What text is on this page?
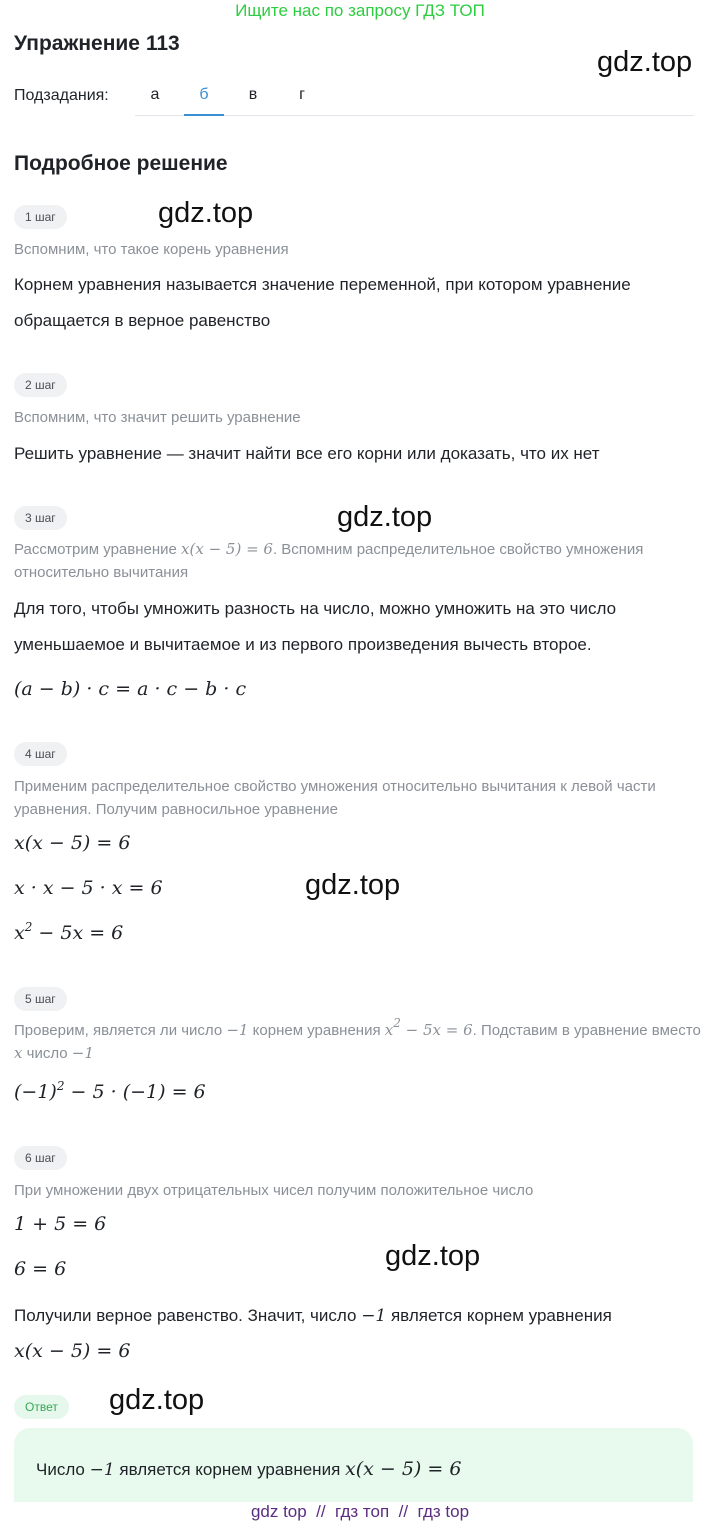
Ищите нас по запросу ГДЗ ТОП
Упражнение 113
gdz.top
Подзадания:	а	б	в	г
Подробное решение
1 шаг	gdz.top
Вспомним, что такое корень уравнения
Корнем уравнения называется значение переменной, при котором уравнение обращается в верное равенство
2 шаг
Вспомним, что значит решить уравнение
Решить уравнение — значит найти все его корни или доказать, что их нет
3 шаг	gdz.top
Рассмотрим уравнение x(x − 5) = 6. Вспомним распределительное свойство умножения относительно вычитания
Для того, чтобы умножить разность на число, можно умножить на это число уменьшаемое и вычитаемое и из первого произведения вычесть второе.
(a − b) · c = a · c − b · c
4 шаг
Применим распределительное свойство умножения относительно вычитания к левой части уравнения. Получим равносильное уравнение
x(x − 5) = 6
x · x − 5 · x = 6	gdz.top
$x^2 - 5x = 6$
5 шаг
Проверим, является ли число −1 корнем уравнения $x^2 - 5x = 6$. Подставим в уравнение вместо x число −1
$(-1)^2 - 5 \cdot (-1) = 6$
6 шаг
При умножении двух отрицательных чисел получим положительное число
1 + 5 = 6
6 = 6	gdz.top
Получили верное равенство. Значит, число −1 является корнем уравнения
x(x − 5) = 6
Ответ	gdz.top
Число −1 является корнем уравнения x(x − 5) = 6
gdz top  //  гдз топ  //  гдз top
